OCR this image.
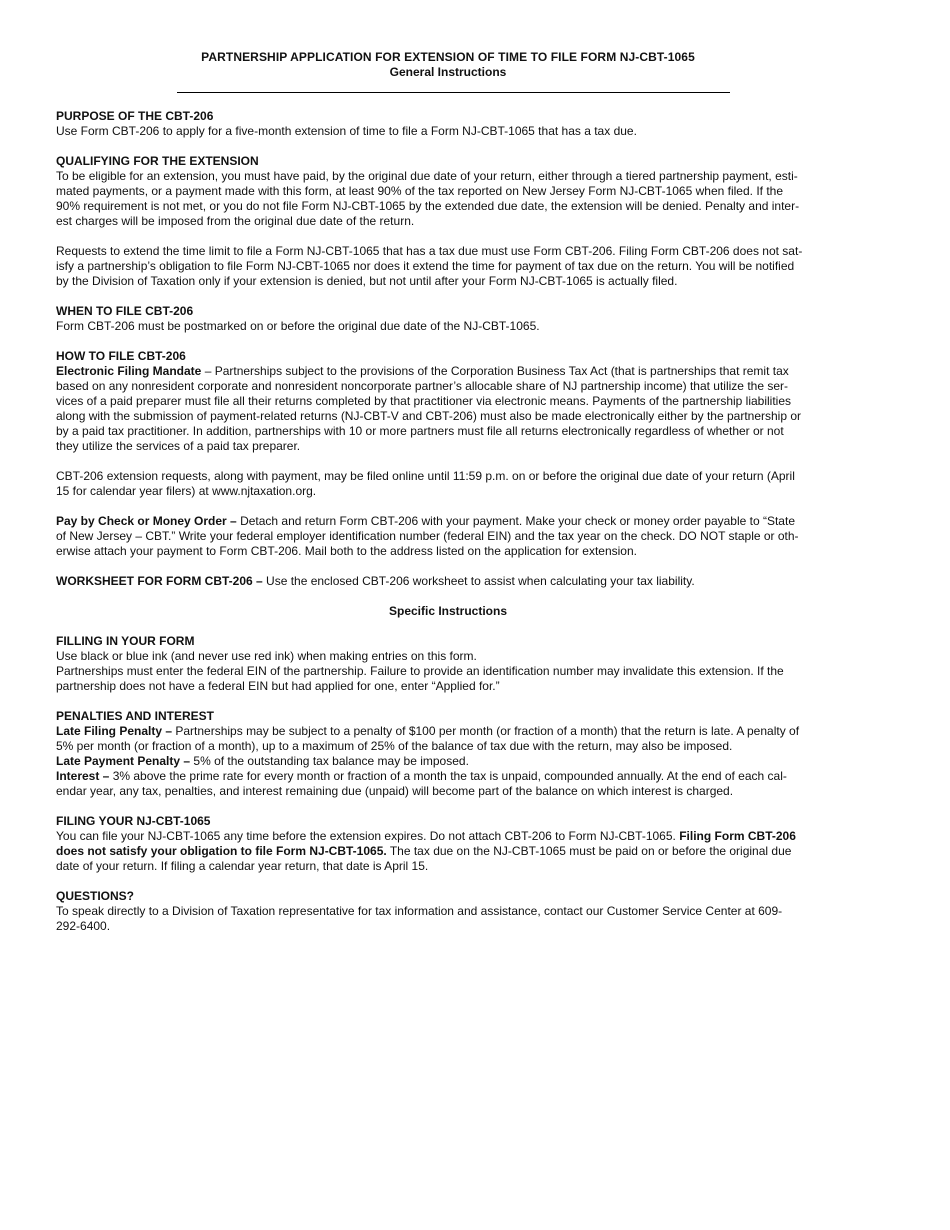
PARTNERSHIP APPLICATION FOR EXTENSION OF TIME TO FILE FORM NJ-CBT-1065
General Instructions

PURPOSE OF THE CBT-206

Use Form CBT-206 to apply for a five-month extension of time to file a Form NJ-CBT-1065 that has a tax due.

QUALIFYING FOR THE EXTENSION

To be eligible for an extension, you must have paid, by the original due date of your return, either through a tiered partnership payment, esti-

mated payments, or a payment made with this form, at least 90% of the tax reported on New Jersey Form NJ-CBT-1065 when filed. If the

90% requirement is not met, or you do not file Form NJ-CBT-1065 by the extended due date, the extension will be denied. Penalty and inter-

est charges will be imposed from the original due date of the return.

Requests to extend the time limit to file a Form NJ-CBT-1065 that has a tax due must use Form CBT-206. Filing Form CBT-206 does not sat-

isfy a partnership’s obligation to file Form NJ-CBT-1065 nor does it extend the time for payment of tax due on the return. You will be notified

by the Division of Taxation only if your extension is denied, but not until after your Form NJ-CBT-1065 is actually filed.

WHEN TO FILE CBT-206

Form CBT-206 must be postmarked on or before the original due date of the NJ-CBT-1065.

HOW TO FILE CBT-206

Electronic Filing Mandate – Partnerships subject to the provisions of the Corporation Business Tax Act (that is partnerships that remit tax

based on any nonresident corporate and nonresident noncorporate partner’s allocable share of NJ partnership income) that utilize the ser-

vices of a paid preparer must file all their returns completed by that practitioner via electronic means. Payments of the partnership liabilities

along with the submission of payment-related returns (NJ-CBT-V and CBT-206) must also be made electronically either by the partnership or

by a paid tax practitioner. In addition, partnerships with 10 or more partners must file all returns electronically regardless of whether or not

they utilize the services of a paid tax preparer.

CBT-206 extension requests, along with payment, may be filed online until 11:59 p.m. on or before the original due date of your return (April

15 for calendar year filers) at www.njtaxation.org.

Pay by Check or Money Order – Detach and return Form CBT-206 with your payment. Make your check or money order payable to “State

of New Jersey – CBT.” Write your federal employer identification number (federal EIN) and the tax year on the check. DO NOT staple or oth-

erwise attach your payment to Form CBT-206. Mail both to the address listed on the application for extension.

WORKSHEET FOR FORM CBT-206 – Use the enclosed CBT-206 worksheet to assist when calculating your tax liability.

Specific Instructions

FILLING IN YOUR FORM

Use black or blue ink (and never use red ink) when making entries on this form.

Partnerships must enter the federal EIN of the partnership. Failure to provide an identification number may invalidate this extension. If the

partnership does not have a federal EIN but had applied for one, enter “Applied for.”

PENALTIES AND INTEREST

Late Filing Penalty – Partnerships may be subject to a penalty of $100 per month (or fraction of a month) that the return is late. A penalty of

5% per month (or fraction of a month), up to a maximum of 25% of the balance of tax due with the return, may also be imposed.

Late Payment Penalty – 5% of the outstanding tax balance may be imposed.

Interest – 3% above the prime rate for every month or fraction of a month the tax is unpaid, compounded annually. At the end of each cal-

endar year, any tax, penalties, and interest remaining due (unpaid) will become part of the balance on which interest is charged.

FILING YOUR NJ-CBT-1065

You can file your NJ-CBT-1065 any time before the extension expires. Do not attach CBT-206 to Form NJ-CBT-1065. Filing Form CBT-206

does not satisfy your obligation to file Form NJ-CBT-1065. The tax due on the NJ-CBT-1065 must be paid on or before the original due

date of your return. If filing a calendar year return, that date is April 15.

QUESTIONS?

To speak directly to a Division of Taxation representative for tax information and assistance, contact our Customer Service Center at 609-

292-6400.
